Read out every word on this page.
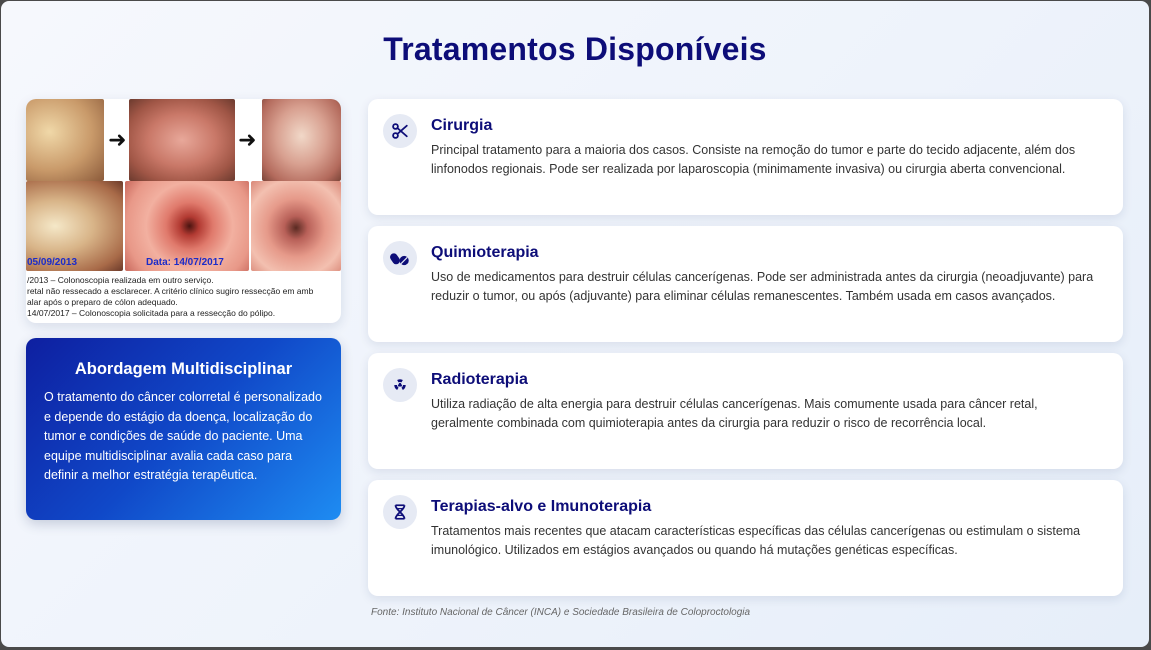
Tratamentos Disponíveis
➜	➜
05/09/2013	Data: 14/07/2017
/2013 – Colonoscopia realizada em outro serviço.
retal não ressecado a esclarecer. A critério clínico sugiro ressecção em amb
alar após o preparo de cólon adequado.
14/07/2017 – Colonoscopia solicitada para a ressecção do pólipo.
Abordagem Multidisciplinar
O tratamento do câncer colorretal é personalizado e depende do estágio da doença, localização do tumor e condições de saúde do paciente. Uma equipe multidisciplinar avalia cada caso para definir a melhor estratégia terapêutica.
Cirurgia
Principal tratamento para a maioria dos casos. Consiste na remoção do tumor e parte do tecido adjacente, além dos linfonodos regionais. Pode ser realizada por laparoscopia (minimamente invasiva) ou cirurgia aberta convencional.
Quimioterapia
Uso de medicamentos para destruir células cancerígenas. Pode ser administrada antes da cirurgia (neoadjuvante) para reduzir o tumor, ou após (adjuvante) para eliminar células remanescentes. Também usada em casos avançados.
Radioterapia
Utiliza radiação de alta energia para destruir células cancerígenas. Mais comumente usada para câncer retal, geralmente combinada com quimioterapia antes da cirurgia para reduzir o risco de recorrência local.
Terapias-alvo e Imunoterapia
Tratamentos mais recentes que atacam características específicas das células cancerígenas ou estimulam o sistema imunológico. Utilizados em estágios avançados ou quando há mutações genéticas específicas.
Fonte: Instituto Nacional de Câncer (INCA) e Sociedade Brasileira de Coloproctologia
